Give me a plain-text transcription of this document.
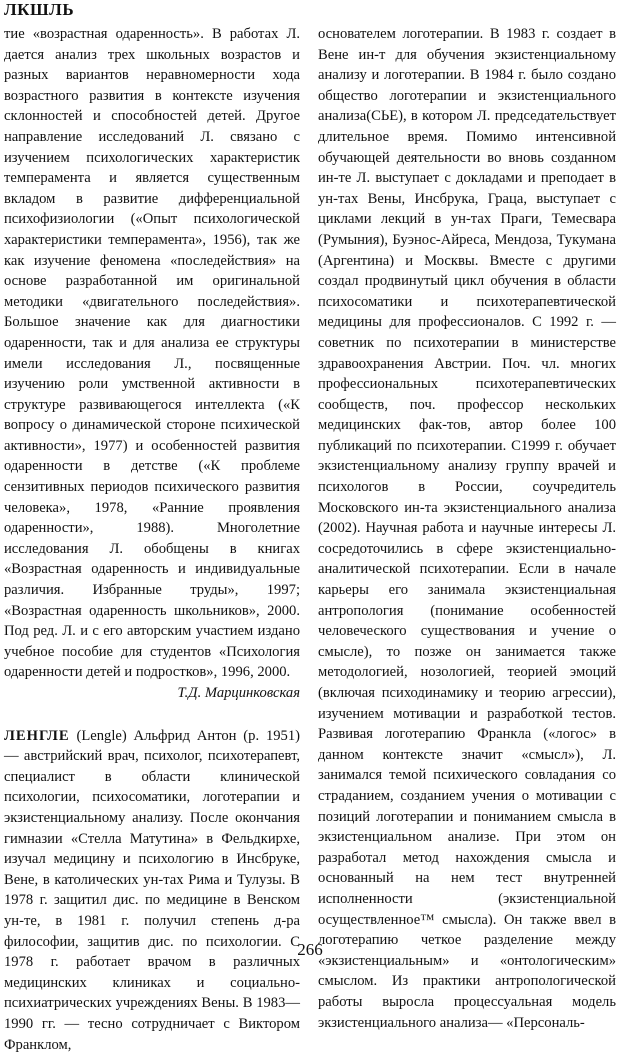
ЛКШЛЬ

тие «возрастная одаренность». В работах Л. дается анализ трех школьных возрастов и разных вариантов неравномерности хода возрастного развития в контексте изучения склонностей и способностей детей. Другое направление исследований Л. связано с изучением психологических характеристик темперамента и является существенным вкладом в развитие дифференциальной психофизиологии («Опыт психологической характеристики темперамента», 1956), так же как изучение феномена «последействия» на основе разработанной им оригинальной методики «двигательного последействия». Большое значение как для диагностики одаренности, так и для анализа ее структуры имели исследования Л., посвященные изучению роли умственной активности в структуре развивающегося интеллекта («К вопросу о динамической стороне психической активности», 1977) и особенностей развития одаренности в детстве («К проблеме сензитивных периодов психического развития человека», 1978, «Ранние проявления одаренности», 1988). Многолетние исследования Л. обобщены в книгах «Возрастная одаренность и индивидуальные различия. Избранные труды», 1997; «Возрастная одаренность школьников», 2000. Под ред. Л. и с его авторским участием издано учебное пособие для студентов «Психология одаренности детей и подростков», 1996, 2000.

Т.Д. Марцинковская

ЛЕНГЛЕ (Lengle) Альфрид Антон (р. 1951) — австрийский врач, психолог, психотерапевт, специалист в области клинической психологии, психосоматики, логотерапии и экзистенциальному анализу. После окончания гимназии «Стелла Матутина» в Фельдкирхе, изучал медицину и психологию в Инсбруке, Вене, в католических ун-тах Рима и Тулузы. В 1978 г. защитил дис. по медицине в Венском ун-те, в 1981 г. получил степень д-ра философии, защитив дис. по психологии. С 1978 г. работает врачом в различных медицинских клиниках и социально-психиатрических учреждениях Вены. В 1983— 1990 гг. — тесно сотрудничает с Виктором Франклом,

основателем логотерапии. В 1983 г. создает в Вене ин-т для обучения экзистенциальному анализу и логотерапии. В 1984 г. было создано общество логотерапии и экзистенциального анализа(СЬЕ), в котором Л. председательствует длительное время. Помимо интенсивной обучающей деятельности во вновь созданном ин-те Л. выступает с докладами и преподает в ун-тах Вены, Инсбрука, Граца, выступает с циклами лекций в ун-тах Праги, Темесвара (Румыния), Буэнос-Айреса, Мендоза, Тукумана (Аргентина) и Москвы. Вместе с другими создал продвинутый цикл обучения в области психосоматики и психотерапевтической медицины для профессионалов. С 1992 г. — советник по психотерапии в министерстве здравоохранения Австрии. Поч. чл. многих профессиональных психотерапевтических сообществ, поч. профессор нескольких медицинских фак-тов, автор более 100 публикаций по психотерапии. С1999 г. обучает экзистенциальному анализу группу врачей и психологов в России, соучредитель Московского ин-та экзистенциального анализа (2002). Научная работа и научные интересы Л. сосредоточились в сфере экзистенциально-аналитической психотерапии. Если в начале карьеры его занимала экзистенциальная антропология (понимание особенностей человеческого существования и учение о смысле), то позже он занимается также методологией, нозологией, теорией эмоций (включая психодинамику и теорию агрессии), изучением мотивации и разработкой тестов. Развивая логотерапию Франкла («логос» в данном контексте значит «смысл»), Л. занимался темой психического совладания со страданием, созданием учения о мотивации с позиций логотерапии и пониманием смысла в экзистенциальном анализе. При этом он разработал метод нахождения смысла и основанный на нем тест внутренней исполненности (экзистенциальной осуществленное™ смысла). Он также ввел в логотерапию четкое разделение между «экзистенциальным» и «онтологическим» смыслом. Из практики антропологической работы выросла процессуальная модель экзистенциального анализа— «Персональ-

266
